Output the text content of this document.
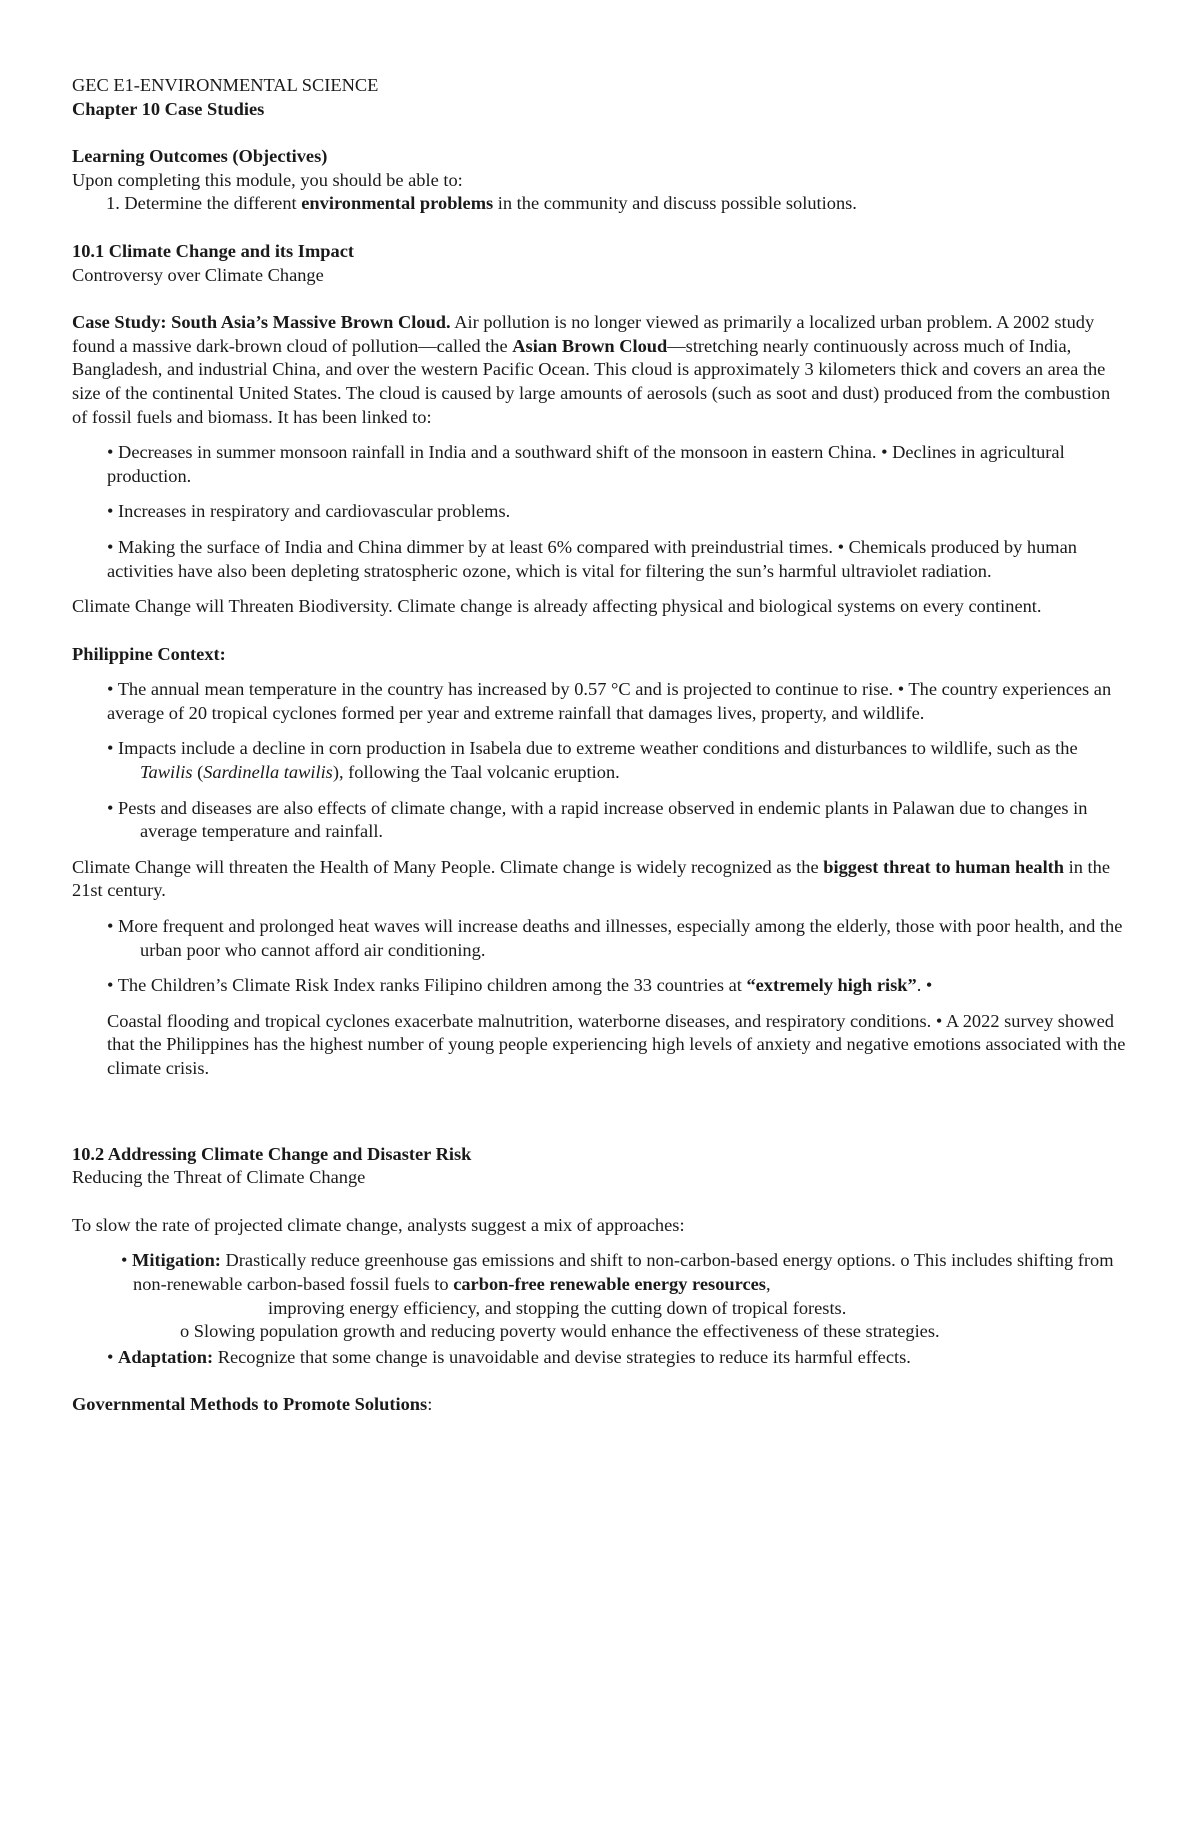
GEC E1-ENVIRONMENTAL SCIENCE

Chapter 10 Case Studies

Learning Outcomes (Objectives)

Upon completing this module, you should be able to:

1. Determine the different environmental problems in the community and discuss possible solutions.

10.1 Climate Change and its Impact

Controversy over Climate Change

Case Study: South Asia’s Massive Brown Cloud. Air pollution is no longer viewed as primarily a localized urban problem. A 2002 study found a massive dark-brown cloud of pollution—called the Asian Brown Cloud—stretching nearly continuously across much of India, Bangladesh, and industrial China, and over the western Pacific Ocean. This cloud is approximately 3 kilometers thick and covers an area the size of the continental United States. The cloud is caused by large amounts of aerosols (such as soot and dust) produced from the combustion of fossil fuels and biomass. It has been linked to:

• Decreases in summer monsoon rainfall in India and a southward shift of the monsoon in eastern China. • Declines in agricultural production.

• Increases in respiratory and cardiovascular problems.

• Making the surface of India and China dimmer by at least 6% compared with preindustrial times. • Chemicals produced by human activities have also been depleting stratospheric ozone, which is vital for filtering the sun’s harmful ultraviolet radiation.

Climate Change will Threaten Biodiversity. Climate change is already affecting physical and biological systems on every continent.

Philippine Context:

• The annual mean temperature in the country has increased by 0.57 °C and is projected to continue to rise. • The country experiences an average of 20 tropical cyclones formed per year and extreme rainfall that damages lives, property, and wildlife.

• Impacts include a decline in corn production in Isabela due to extreme weather conditions and disturbances to wildlife, such as the Tawilis (Sardinella tawilis), following the Taal volcanic eruption.

• Pests and diseases are also effects of climate change, with a rapid increase observed in endemic plants in Palawan due to changes in average temperature and rainfall.

Climate Change will threaten the Health of Many People. Climate change is widely recognized as the biggest threat to human health in the 21st century.

• More frequent and prolonged heat waves will increase deaths and illnesses, especially among the elderly, those with poor health, and the urban poor who cannot afford air conditioning.

• The Children’s Climate Risk Index ranks Filipino children among the 33 countries at “extremely high risk”. •

Coastal flooding and tropical cyclones exacerbate malnutrition, waterborne diseases, and respiratory conditions. • A 2022 survey showed that the Philippines has the highest number of young people experiencing high levels of anxiety and negative emotions associated with the climate crisis.

10.2 Addressing Climate Change and Disaster Risk

Reducing the Threat of Climate Change

To slow the rate of projected climate change, analysts suggest a mix of approaches:

• Mitigation: Drastically reduce greenhouse gas emissions and shift to non-carbon-based energy options. o This includes shifting from non-renewable carbon-based fossil fuels to carbon-free renewable energy resources,

improving energy efficiency, and stopping the cutting down of tropical forests.

o Slowing population growth and reducing poverty would enhance the effectiveness of these strategies.

• Adaptation: Recognize that some change is unavoidable and devise strategies to reduce its harmful effects.

Governmental Methods to Promote Solutions:
